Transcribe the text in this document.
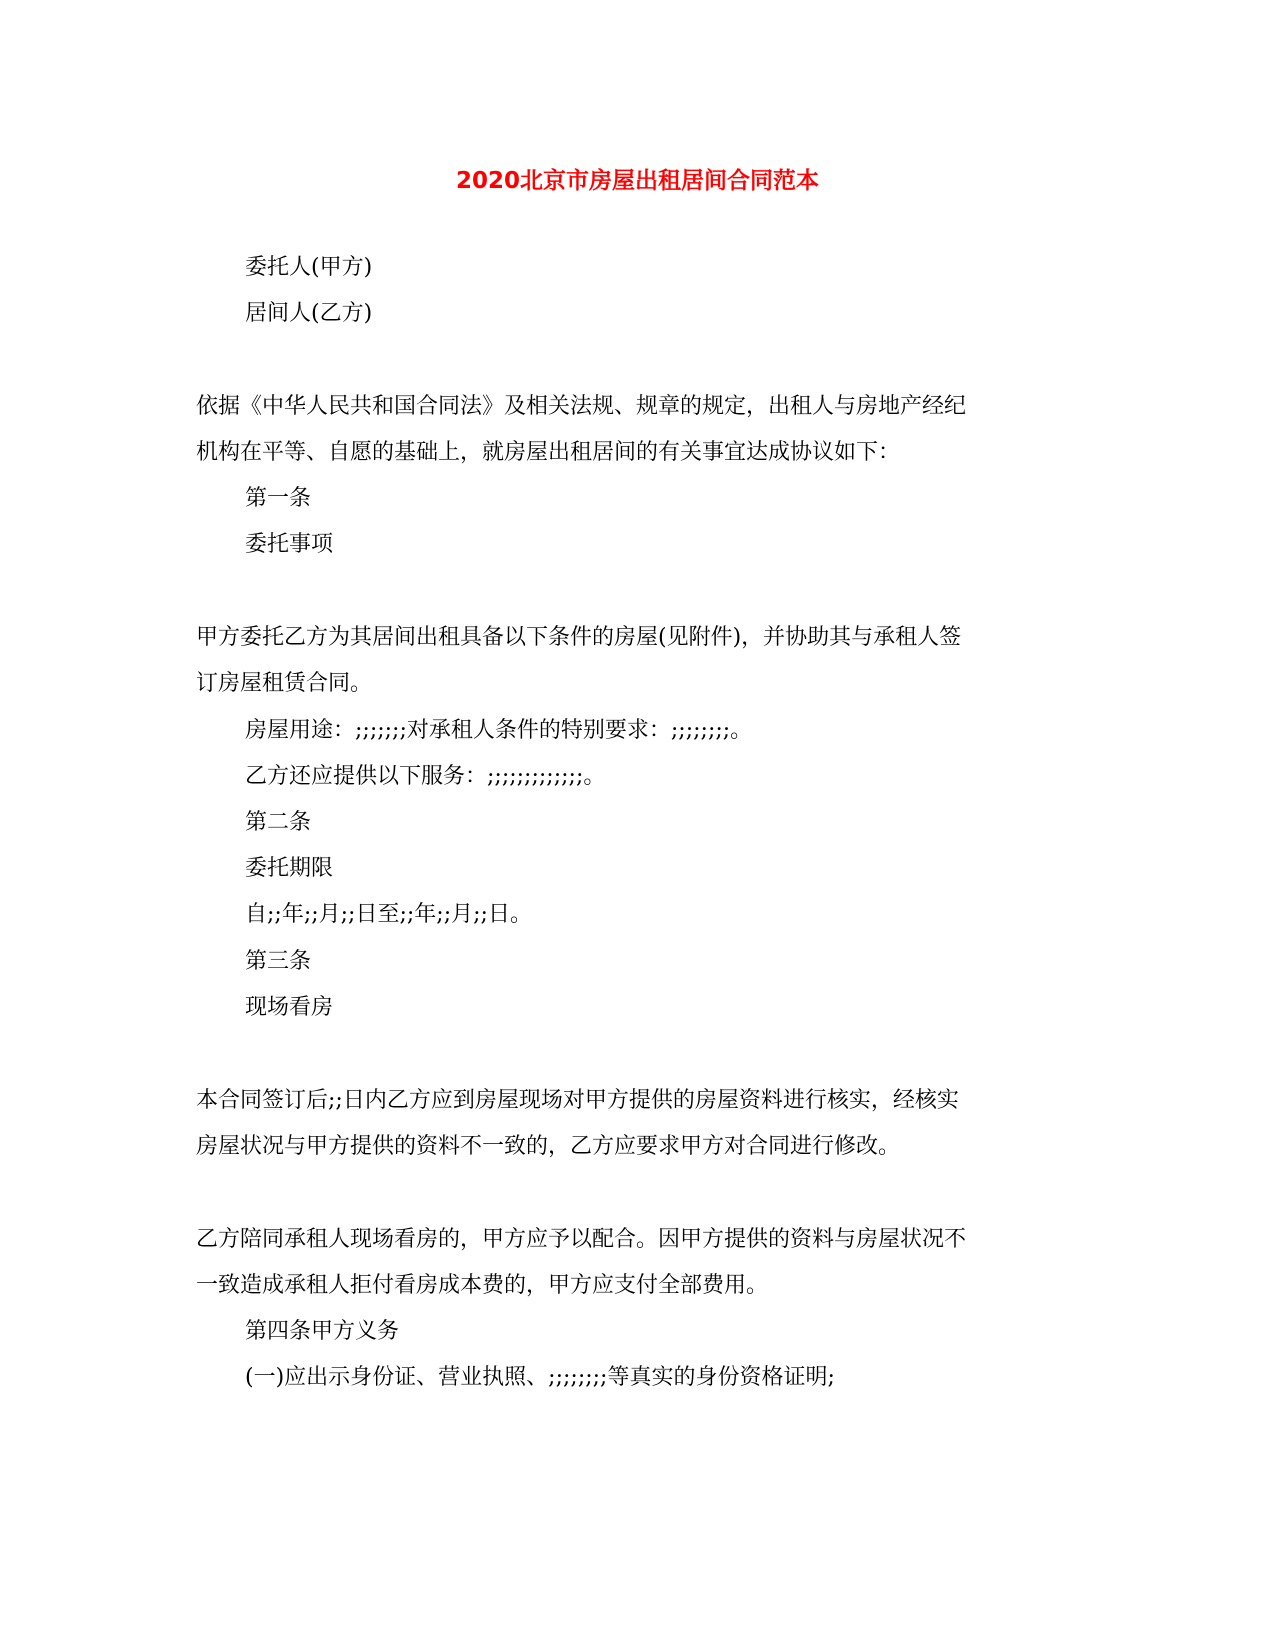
2020北京市房屋出租居间合同范本
委托人(甲方)
居间人(乙方)
依据《中华人民共和国合同法》及相关法规、规章的规定，出租人与房地产经纪
机构在平等、自愿的基础上，就房屋出租居间的有关事宜达成协议如下：
第一条
委托事项
甲方委托乙方为其居间出租具备以下条件的房屋(见附件)，并协助其与承租人签
订房屋租赁合同。
房屋用途：;;;;;;;对承租人条件的特别要求：;;;;;;;;。
乙方还应提供以下服务：;;;;;;;;;;;;;。
第二条
委托期限
自;;年;;月;;日至;;年;;月;;日。
第三条
现场看房
本合同签订后;;日内乙方应到房屋现场对甲方提供的房屋资料进行核实，经核实
房屋状况与甲方提供的资料不一致的，乙方应要求甲方对合同进行修改。
乙方陪同承租人现场看房的，甲方应予以配合。因甲方提供的资料与房屋状况不
一致造成承租人拒付看房成本费的，甲方应支付全部费用。
第四条甲方义务
(一)应出示身份证、营业执照、;;;;;;;;等真实的身份资格证明;
